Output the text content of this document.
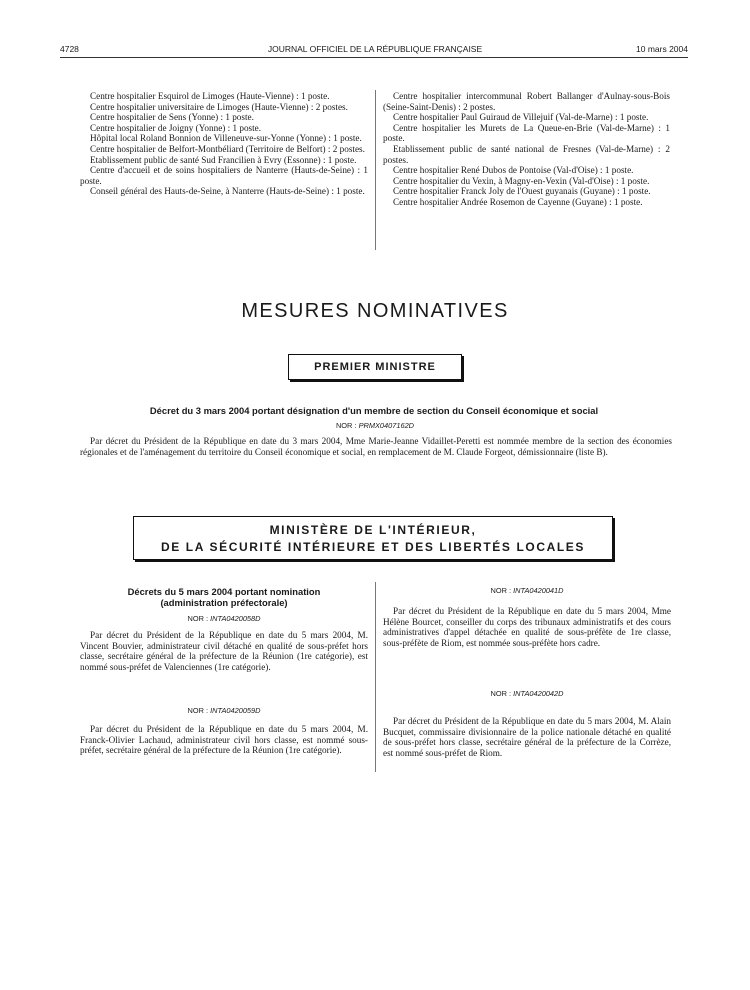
4728	JOURNAL OFFICIEL DE LA RÉPUBLIQUE FRANÇAISE	10 mars 2004

Centre hospitalier Esquirol de Limoges (Haute-Vienne) : 1 poste.

Centre hospitalier universitaire de Limoges (Haute-Vienne) : 2 postes.

Centre hospitalier de Sens (Yonne) : 1 poste.

Centre hospitalier de Joigny (Yonne) : 1 poste.

Hôpital local Roland Bonnion de Villeneuve-sur-Yonne (Yonne) : 1 poste.

Centre hospitalier de Belfort-Montbéliard (Territoire de Belfort) : 2 postes.

Etablissement public de santé Sud Francilien à Evry (Essonne) : 1 poste.

Centre d'accueil et de soins hospitaliers de Nanterre (Hauts-de-Seine) : 1 poste.

Conseil général des Hauts-de-Seine, à Nanterre (Hauts-de-Seine) : 1 poste.

Centre hospitalier intercommunal Robert Ballanger d'Aulnay-sous-Bois (Seine-Saint-Denis) : 2 postes.

Centre hospitalier Paul Guiraud de Villejuif (Val-de-Marne) : 1 poste.

Centre hospitalier les Murets de La Queue-en-Brie (Val-de-Marne) : 1 poste.

Etablissement public de santé national de Fresnes (Val-de-Marne) : 2 postes.

Centre hospitalier René Dubos de Pontoise (Val-d'Oise) : 1 poste.

Centre hospitalier du Vexin, à Magny-en-Vexin (Val-d'Oise) : 1 poste.

Centre hospitalier Franck Joly de l'Ouest guyanais (Guyane) : 1 poste.

Centre hospitalier Andrée Rosemon de Cayenne (Guyane) : 1 poste.

MESURES NOMINATIVES
PREMIER MINISTRE
Décret du 3 mars 2004 portant désignation d'un membre de section du Conseil économique et social
NOR : PRMX0407162D
Par décret du Président de la République en date du 3 mars 2004, Mme Marie-Jeanne Vidaillet-Peretti est nommée membre de la section des économies régionales et de l'aménagement du territoire du Conseil économique et social, en remplacement de M. Claude Forgeot, démissionnaire (liste B).
MINISTÈRE DE L'INTÉRIEUR,
DE LA SÉCURITÉ INTÉRIEURE ET DES LIBERTÉS LOCALES
Décrets du 5 mars 2004 portant nomination
(administration préfectorale)
NOR : INTA0420058D
Par décret du Président de la République en date du 5 mars 2004, M. Vincent Bouvier, administrateur civil détaché en qualité de sous-préfet hors classe, secrétaire général de la préfecture de la Réunion (1re catégorie), est nommé sous-préfet de Valenciennes (1re catégorie).
NOR : INTA0420059D
Par décret du Président de la République en date du 5 mars 2004, M. Franck-Olivier Lachaud, administrateur civil hors classe, est nommé sous-préfet, secrétaire général de la préfecture de la Réunion (1re catégorie).
NOR : INTA0420041D
Par décret du Président de la République en date du 5 mars 2004, Mme Hélène Bourcet, conseiller du corps des tribunaux administratifs et des cours administratives d'appel détachée en qualité de sous-préfète de 1re classe, sous-préfète de Riom, est nommée sous-préfète hors cadre.
NOR : INTA0420042D
Par décret du Président de la République en date du 5 mars 2004, M. Alain Bucquet, commissaire divisionnaire de la police nationale détaché en qualité de sous-préfet hors classe, secrétaire général de la préfecture de la Corrèze, est nommé sous-préfet de Riom.
